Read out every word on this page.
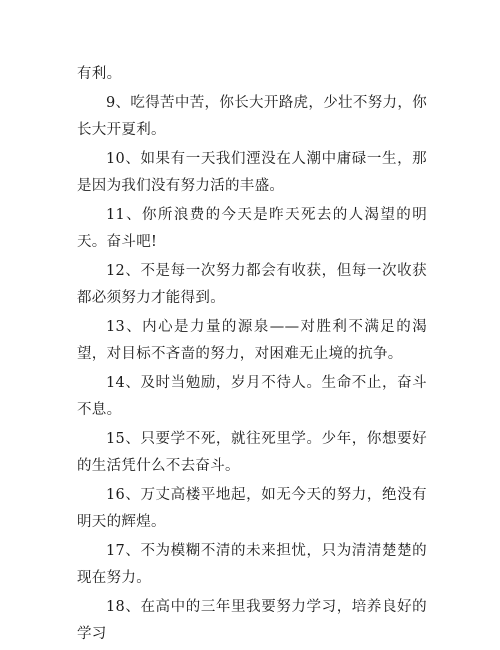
有利。

9、吃得苦中苦，你长大开路虎，少壮不努力，你长大开夏利。

10、如果有一天我们湮没在人潮中庸碌一生，那是因为我们没有努力活的丰盛。

11、你所浪费的今天是昨天死去的人渴望的明天。奋斗吧!

12、不是每一次努力都会有收获，但每一次收获都必须努力才能得到。

13、内心是力量的源泉——对胜利不满足的渴望，对目标不吝啬的努力，对困难无止境的抗争。

14、及时当勉励，岁月不待人。生命不止，奋斗不息。

15、只要学不死，就往死里学。少年，你想要好的生活凭什么不去奋斗。

16、万丈高楼平地起，如无今天的努力，绝没有明天的辉煌。

17、不为模糊不清的未来担忧，只为清清楚楚的现在努力。

18、在高中的三年里我要努力学习，培养良好的学习
